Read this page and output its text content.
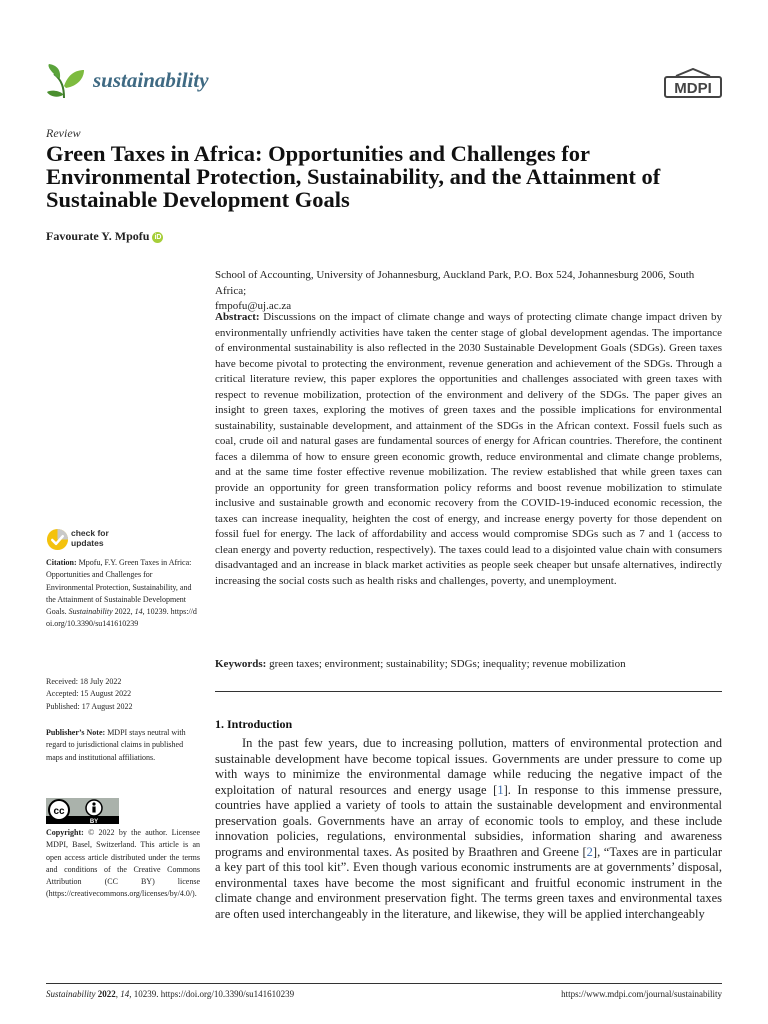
sustainability	MDPI
Review
Green Taxes in Africa: Opportunities and Challenges for Environmental Protection, Sustainability, and the Attainment of Sustainable Development Goals
Favourate Y. Mpofu iD
School of Accounting, University of Johannesburg, Auckland Park, P.O. Box 524, Johannesburg 2006, South Africa;
fmpofu@uj.ac.za
Abstract: Discussions on the impact of climate change and ways of protecting climate change impact driven by environmentally unfriendly activities have taken the center stage of global development agendas. The importance of environmental sustainability is also reflected in the 2030 Sustainable Development Goals (SDGs). Green taxes have become pivotal to protecting the environment, revenue generation and achievement of the SDGs. Through a critical literature review, this paper explores the opportunities and challenges associated with green taxes with respect to revenue mobilization, protection of the environment and delivery of the SDGs. The paper gives an insight to green taxes, exploring the motives of green taxes and the possible implications for environmental sustainability, sustainable development, and attainment of the SDGs in the African context. Fossil fuels such as coal, crude oil and natural gases are fundamental sources of energy for African countries. Therefore, the continent faces a dilemma of how to ensure green economic growth, reduce environmental and climate change problems, and at the same time foster effective revenue mobilization. The review established that while green taxes can provide an opportunity for green transformation policy reforms and boost revenue mobilization to stimulate inclusive and sustainable growth and economic recovery from the COVID-19-induced economic recession, the taxes can increase inequality, heighten the cost of energy, and increase energy poverty for those dependent on fossil fuel for energy. The lack of affordability and access would compromise SDGs such as 7 and 1 (access to clean energy and poverty reduction, respectively). The taxes could lead to a disjointed value chain with consumers disadvantaged and an increase in black market activities as people seek cheaper but unsafe alternatives, indirectly increasing the social costs such as health risks and challenges, poverty, and unemployment.
Keywords: green taxes; environment; sustainability; SDGs; inequality; revenue mobilization
1. Introduction

In the past few years, due to increasing pollution, matters of environmental protection and sustainable development have become topical issues. Governments are under pressure to come up with ways to minimize the environmental damage while reducing the negative impact of the exploitation of natural resources and energy usage [1]. In response to this immense pressure, countries have applied a variety of tools to attain the sustainable development and environmental preservation goals. Governments have an array of economic tools to employ, and these include innovation policies, regulations, environmental subsidies, information sharing and awareness programs and environmental taxes. As posited by Braathren and Greene [2], “Taxes are in particular a key part of this tool kit”. Even though various economic instruments are at governments’ disposal, environmental taxes have become the most significant and fruitful economic instrument in the climate change and environment preservation fight. The terms green taxes and environmental taxes are often used interchangeably in the literature, and likewise, they will be applied interchangeably

check for
updates
Citation: Mpofu, F.Y. Green Taxes in Africa: Opportunities and Challenges for Environmental Protection, Sustainability, and the Attainment of Sustainable Development Goals. Sustainability 2022, 14, 10239. https://doi.org/10.3390/su141610239
Received: 18 July 2022
Accepted: 15 August 2022
Published: 17 August 2022
Publisher’s Note: MDPI stays neutral with regard to jurisdictional claims in published maps and institutional affiliations.
cc
BY
Copyright: © 2022 by the author. Licensee MDPI, Basel, Switzerland. This article is an open access article distributed under the terms and conditions of the Creative Commons Attribution (CC BY) license (https://creativecommons.org/licenses/by/4.0/).
Sustainability 2022, 14, 10239. https://doi.org/10.3390/su141610239	https://www.mdpi.com/journal/sustainability
